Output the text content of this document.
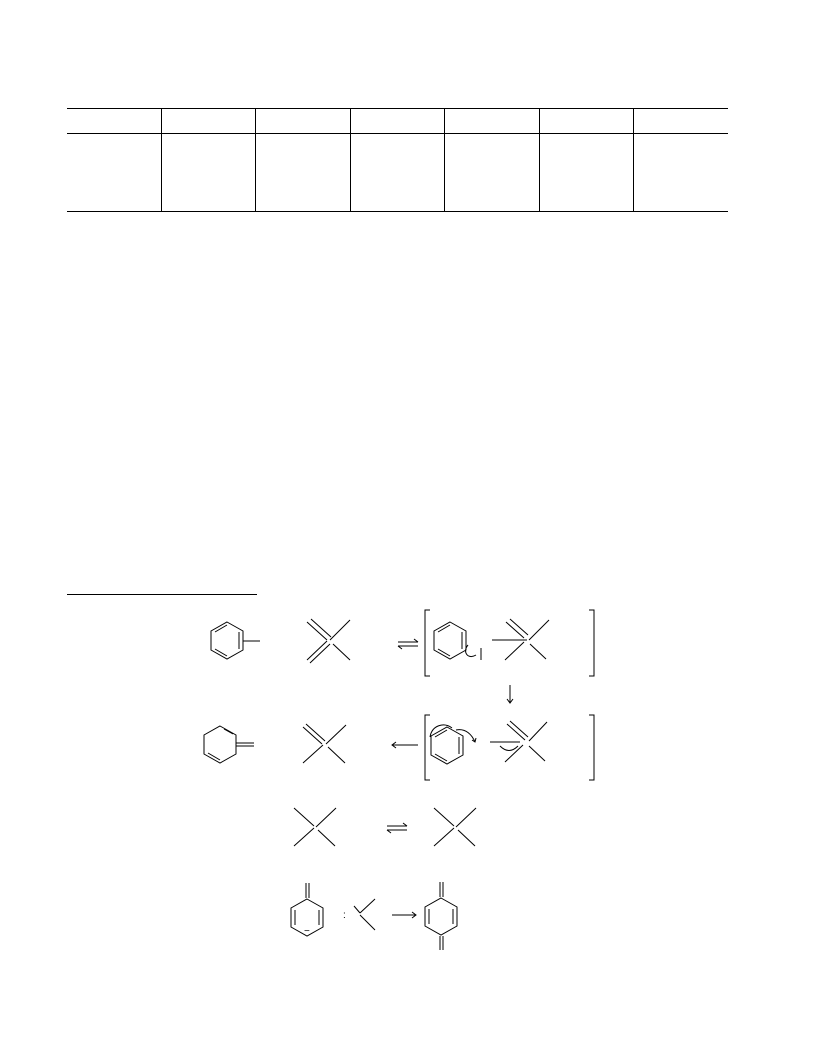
−
:
